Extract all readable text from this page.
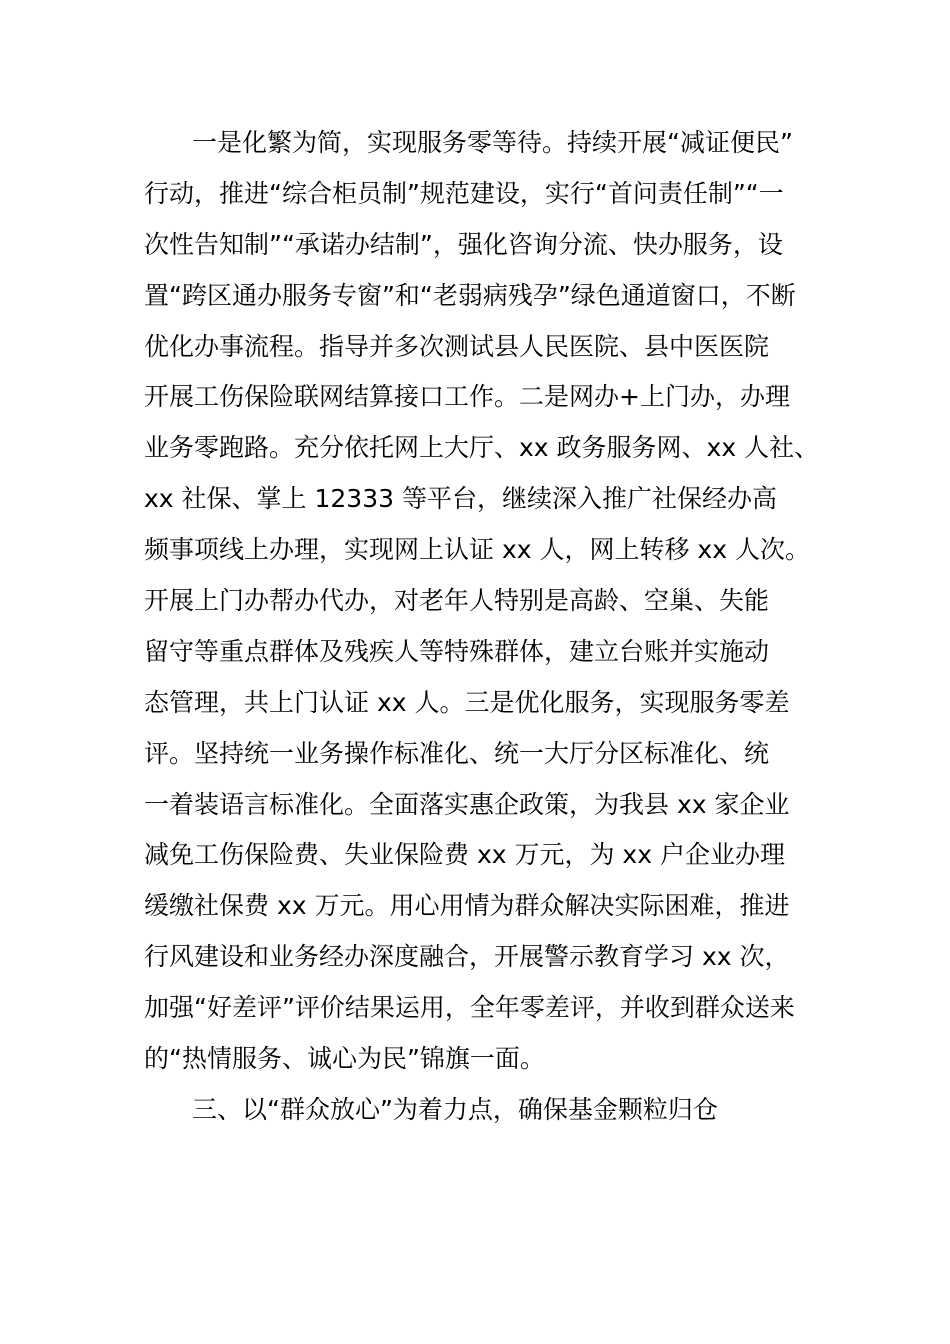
一是化繁为简，实现服务零等待。持续开展“减证便民”
行动，推进“综合柜员制”规范建设，实行“首问责任制”“一
次性告知制”“承诺办结制”，强化咨询分流、快办服务，设
置“跨区通办服务专窗”和“老弱病残孕”绿色通道窗口，不断
优化办事流程。指导并多次测试县人民医院、县中医医院
开展工伤保险联网结算接口工作。二是网办+上门办，办理
业务零跑路。充分依托网上大厅、xx 政务服务网、xx 人社、
xx 社保、掌上 12333 等平台，继续深入推广社保经办高
频事项线上办理，实现网上认证 xx 人，网上转移 xx 人次。
开展上门办帮办代办，对老年人特别是高龄、空巢、失能
留守等重点群体及残疾人等特殊群体，建立台账并实施动
态管理，共上门认证 xx 人。三是优化服务，实现服务零差
评。坚持统一业务操作标准化、统一大厅分区标准化、统
一着装语言标准化。全面落实惠企政策，为我县 xx 家企业
减免工伤保险费、失业保险费 xx 万元，为 xx 户企业办理
缓缴社保费 xx 万元。用心用情为群众解决实际困难，推进
行风建设和业务经办深度融合，开展警示教育学习 xx 次，
加强“好差评”评价结果运用，全年零差评，并收到群众送来
的“热情服务、诚心为民”锦旗一面。
三、以“群众放心”为着力点，确保基金颗粒归仓
